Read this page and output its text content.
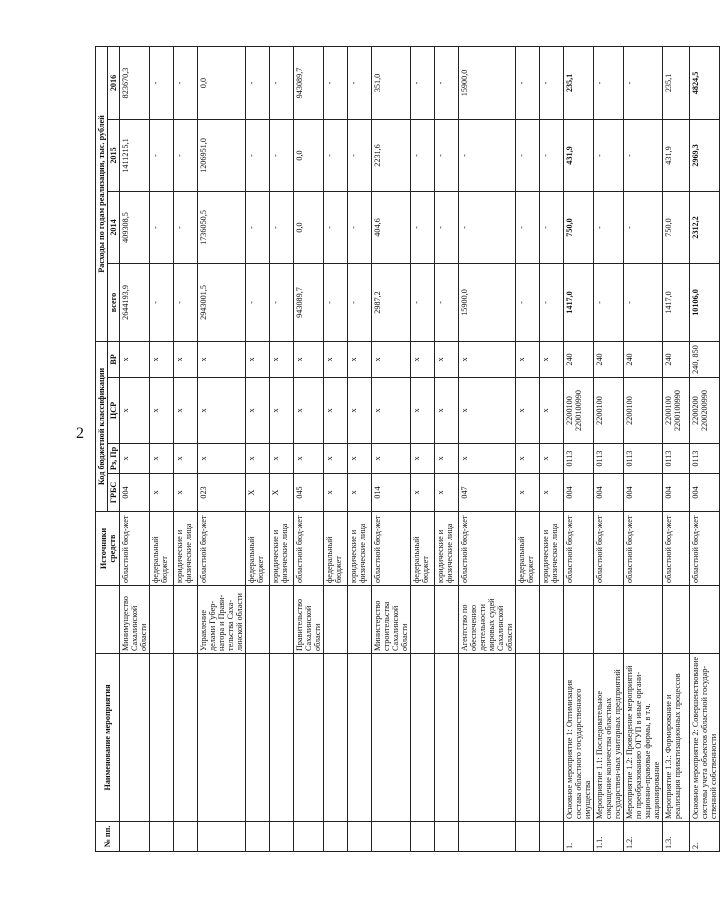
2
№ пп.	Наименование мероприятия		Источники средств	Код бюджетной классификации				Расходы по годам реализации, тыс. рублей			
				ГРБС	Рз, Пр	ЦСР	ВР	всего	2014	2015	2016
		Минимущество Сахалинской области	областной бюд-жет	004	х	х	х	2644193,9	409308,5	1411215,1	823670,3
			федеральный бюджет	х	х	х	х	-	-	-	-
			юридические и физические лица	х	х	х	х	-	-	-	-
		Управление делами Губер-натора и Прави-тельства Саха-линской области	областной бюд-жет	023	х	х	х	2943001,5	1736050,5	1206951,0	0,0
			федеральный бюджет	Х	х	х	х	-	-	-	-
			юридические и физические лица	Х	х	х	х	-	-	-	-
		Правительство Сахалинской области	областной бюд-жет	045	х	х	х	943089,7	0,0	0,0	943089,7
			федеральный бюджет	х	х	х	х	-	-	-	-
			юридические и физические лица	х	х	х	х	-	-	-	-
		Министерство строительства Сахалинской области	областной бюд-жет	014	х	х	х	2987,2	404,6	2231,6	351,0
			федеральный бюджет	х	х	х	х	-	-	-	-
			юридические и физические лица	х	х	х	х	-	-	-	-
		Агентство по обеспечению деятельности мировых судей Сахалинской области	областной бюд-жет	047	х	х	х	15900,0	-	-	15900,0
			федеральный бюджет	х	х	х	х	-	-	-	-
			юридические и физические лица	х	х	х	х	-	-	-	-
1.	Основное мероприятие 1: Оптимизация состава областного государственного имущества		областной бюд-жет	004	0113	2200100 2200100990	240	1417,0	750,0	431,9	235,1
1.1.	Мероприятие 1.1: Последовательное сокращение количества областных государствен-ных унитарных предприятий		областной бюд-жет	004	0113	2200100	240	-	-	-	-
1.2.	Мероприятие 1.2: Проведение мероприятий по преобразованию ОГУП в иные органи-зационно-правовые формы, в т.ч. акционирование		областной бюд-жет	004	0113	2200100	240	-	-	-	-
1.3.	Мероприятие 1.3.: Формирование и реализация приватизационных процессов		областной бюд-жет	004	0113	2200100 2200100990	240	1417,0	750,0	431,9	235,1
2.	Основное мероприятие 2: Совершенствование системы учета объектов областной государ-ственной собственности		областной бюд-жет	004	0113	2200200 2200200990	240, 850	10106,0	2312,2	2969,3	4824,5
